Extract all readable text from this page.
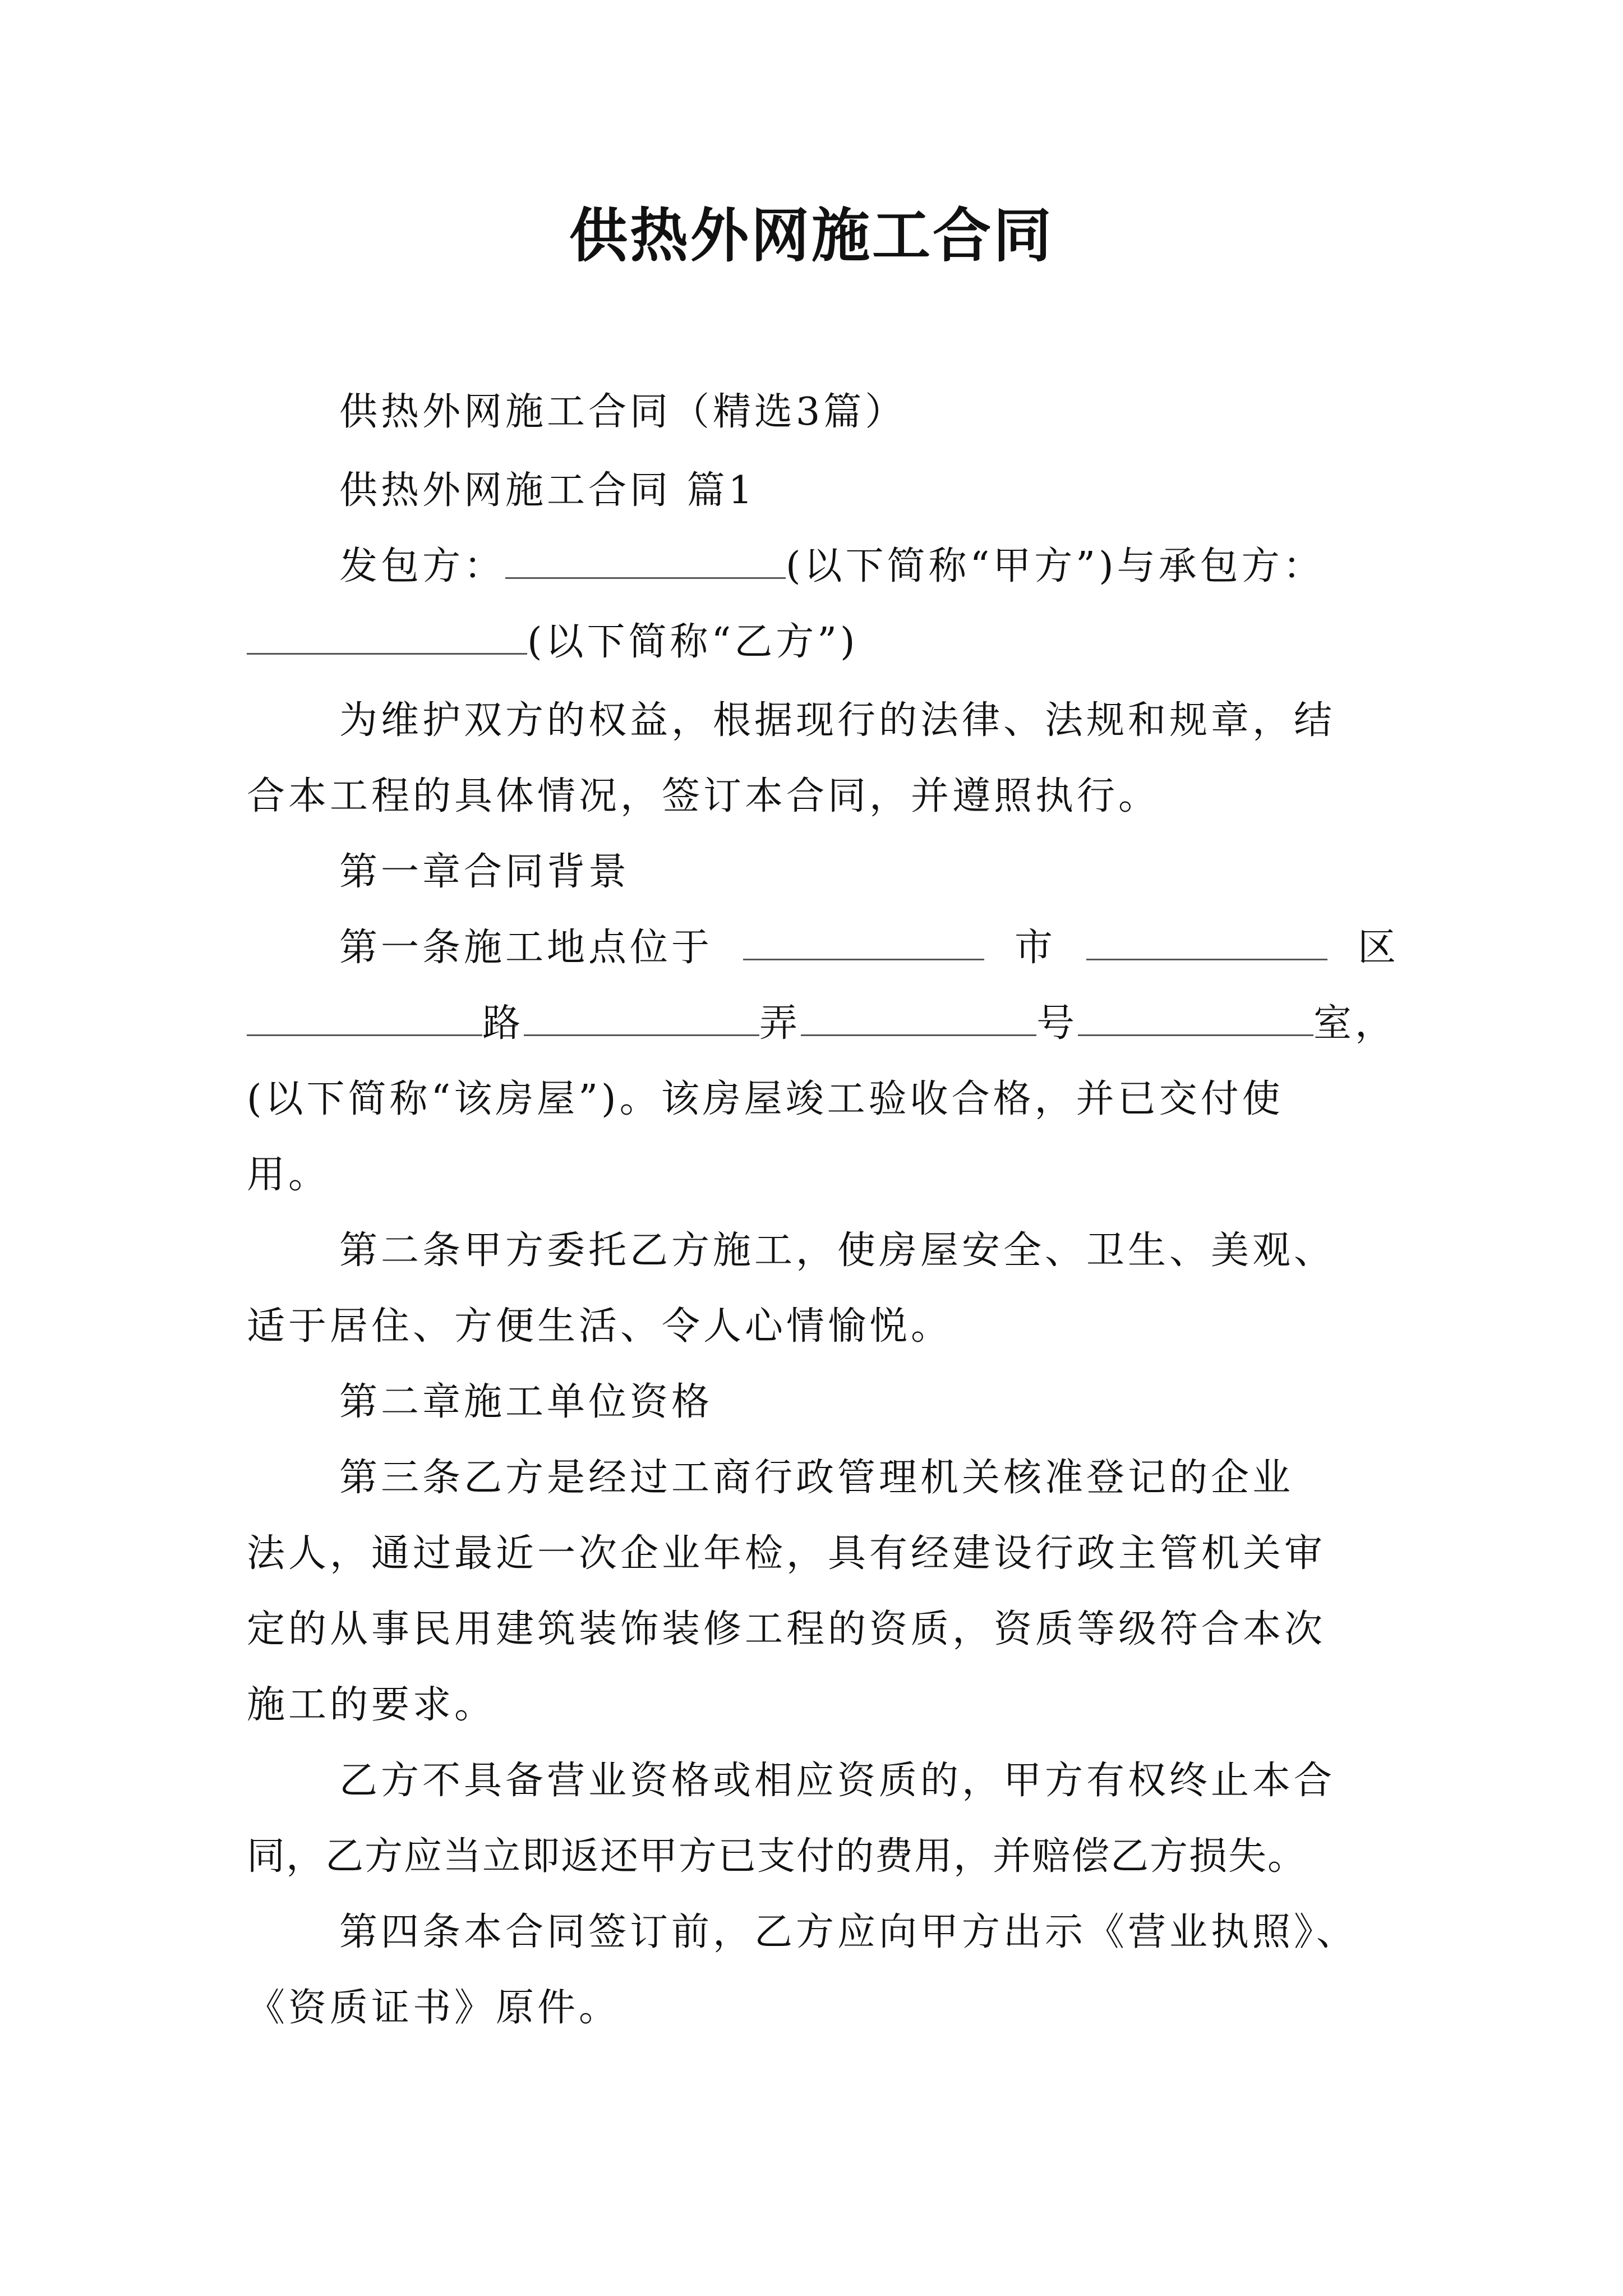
供热外网施工合同
供热外网施工合同（精选3篇）
供热外网施工合同 篇1
发包方：	(以下简称“甲方”)与承包方：
(以下简称“乙方”)
为维护双方的权益，根据现行的法律、法规和规章，结
合本工程的具体情况，签订本合同，并遵照执行。
第一章合同背景
第一条施工地点位于	市	区
路	弄	号	室，
(以下简称“该房屋”)。该房屋竣工验收合格，并已交付使
用。
第二条甲方委托乙方施工，使房屋安全、卫生、美观、
适于居住、方便生活、令人心情愉悦。
第二章施工单位资格
第三条乙方是经过工商行政管理机关核准登记的企业
法人，通过最近一次企业年检，具有经建设行政主管机关审
定的从事民用建筑装饰装修工程的资质，资质等级符合本次
施工的要求。
乙方不具备营业资格或相应资质的，甲方有权终止本合
同，乙方应当立即返还甲方已支付的费用，并赔偿乙方损失。
第四条本合同签订前，乙方应向甲方出示《营业执照》、
《资质证书》原件。
